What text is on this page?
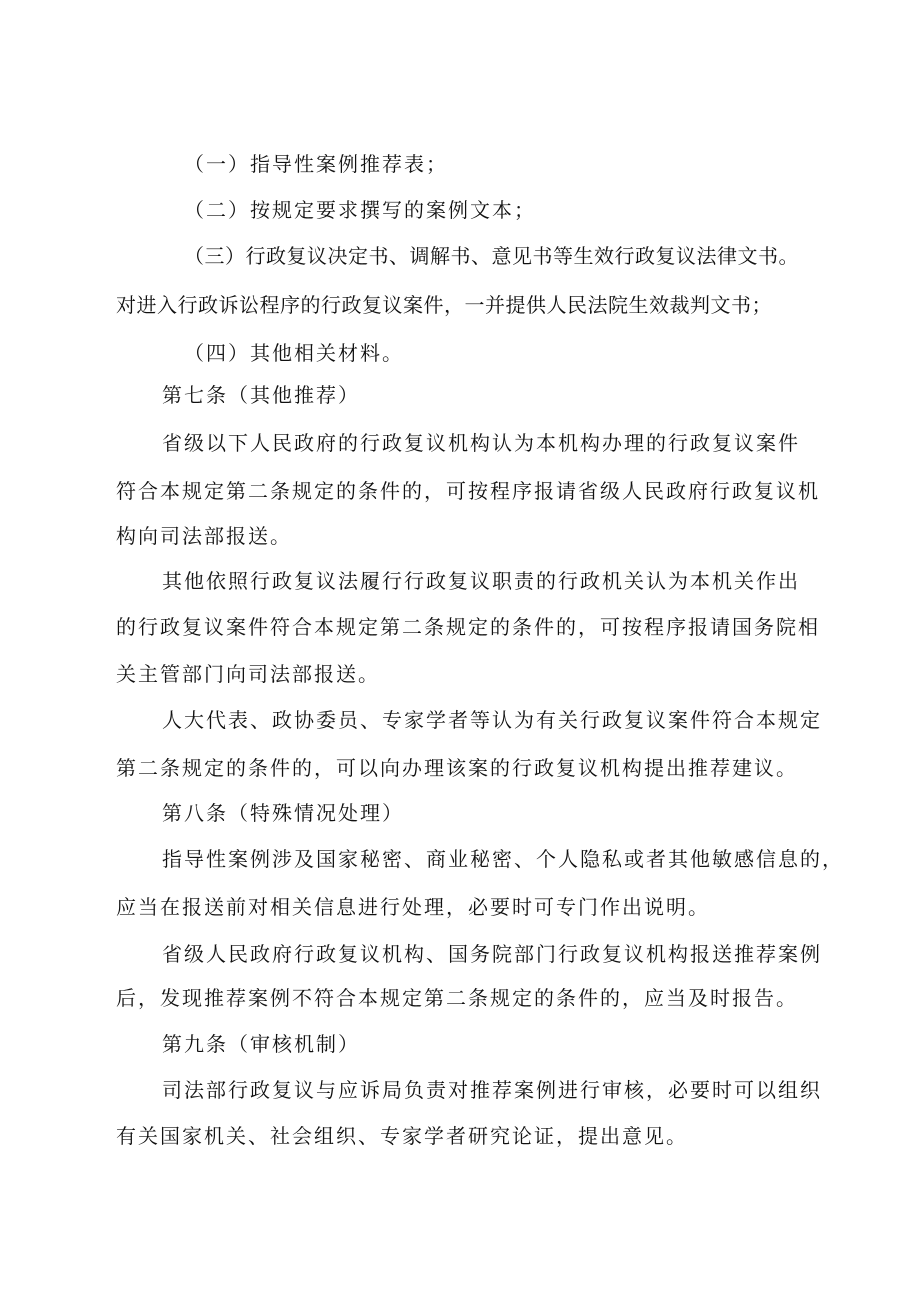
（一）指导性案例推荐表；
（二）按规定要求撰写的案例文本；
（三）行政复议决定书、调解书、意见书等生效行政复议法律文书。
对进入行政诉讼程序的行政复议案件，一并提供人民法院生效裁判文书；
（四）其他相关材料。
第七条（其他推荐）
省级以下人民政府的行政复议机构认为本机构办理的行政复议案件
符合本规定第二条规定的条件的，可按程序报请省级人民政府行政复议机
构向司法部报送。
其他依照行政复议法履行行政复议职责的行政机关认为本机关作出
的行政复议案件符合本规定第二条规定的条件的，可按程序报请国务院相
关主管部门向司法部报送。
人大代表、政协委员、专家学者等认为有关行政复议案件符合本规定
第二条规定的条件的，可以向办理该案的行政复议机构提出推荐建议。
第八条（特殊情况处理）
指导性案例涉及国家秘密、商业秘密、个人隐私或者其他敏感信息的，
应当在报送前对相关信息进行处理，必要时可专门作出说明。
省级人民政府行政复议机构、国务院部门行政复议机构报送推荐案例
后，发现推荐案例不符合本规定第二条规定的条件的，应当及时报告。
第九条（审核机制）
司法部行政复议与应诉局负责对推荐案例进行审核，必要时可以组织
有关国家机关、社会组织、专家学者研究论证，提出意见。
